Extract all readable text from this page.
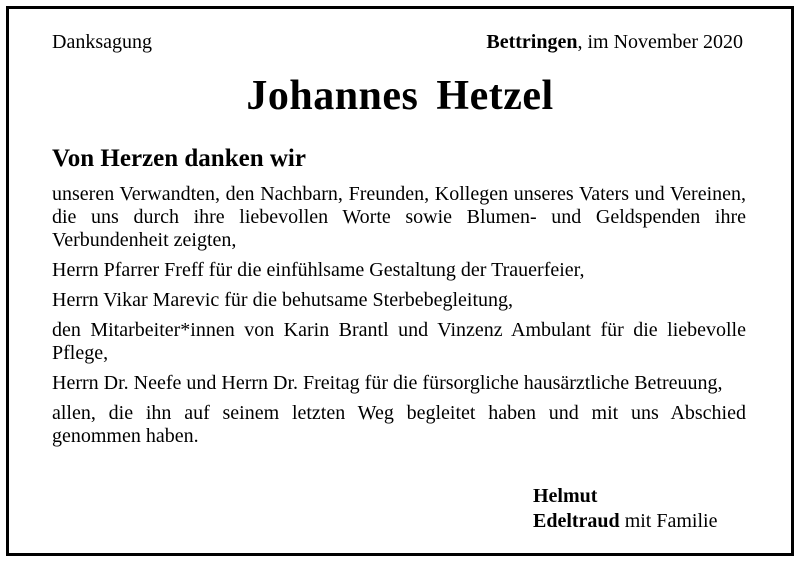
Danksagung	Bettringen, im November 2020
Johannes Hetzel
Von Herzen danken wir

unseren Verwandten, den Nachbarn, Freunden, Kollegen unseres Vaters und Vereinen, die uns durch ihre liebevollen Worte sowie Blumen- und Geldspenden ihre Verbundenheit zeigten,

Herrn Pfarrer Freff für die einfühlsame Gestaltung der Trauerfeier,

Herrn Vikar Marevic für die behutsame Sterbebegleitung,

den Mitarbeiter*innen von Karin Brantl und Vinzenz Ambulant für die liebevolle Pflege,

Herrn Dr. Neefe und Herrn Dr. Freitag für die fürsorgliche hausärztliche Betreuung,

allen, die ihn auf seinem letzten Weg begleitet haben und mit uns Abschied genommen haben.

Helmut
Edeltraud mit Familie
